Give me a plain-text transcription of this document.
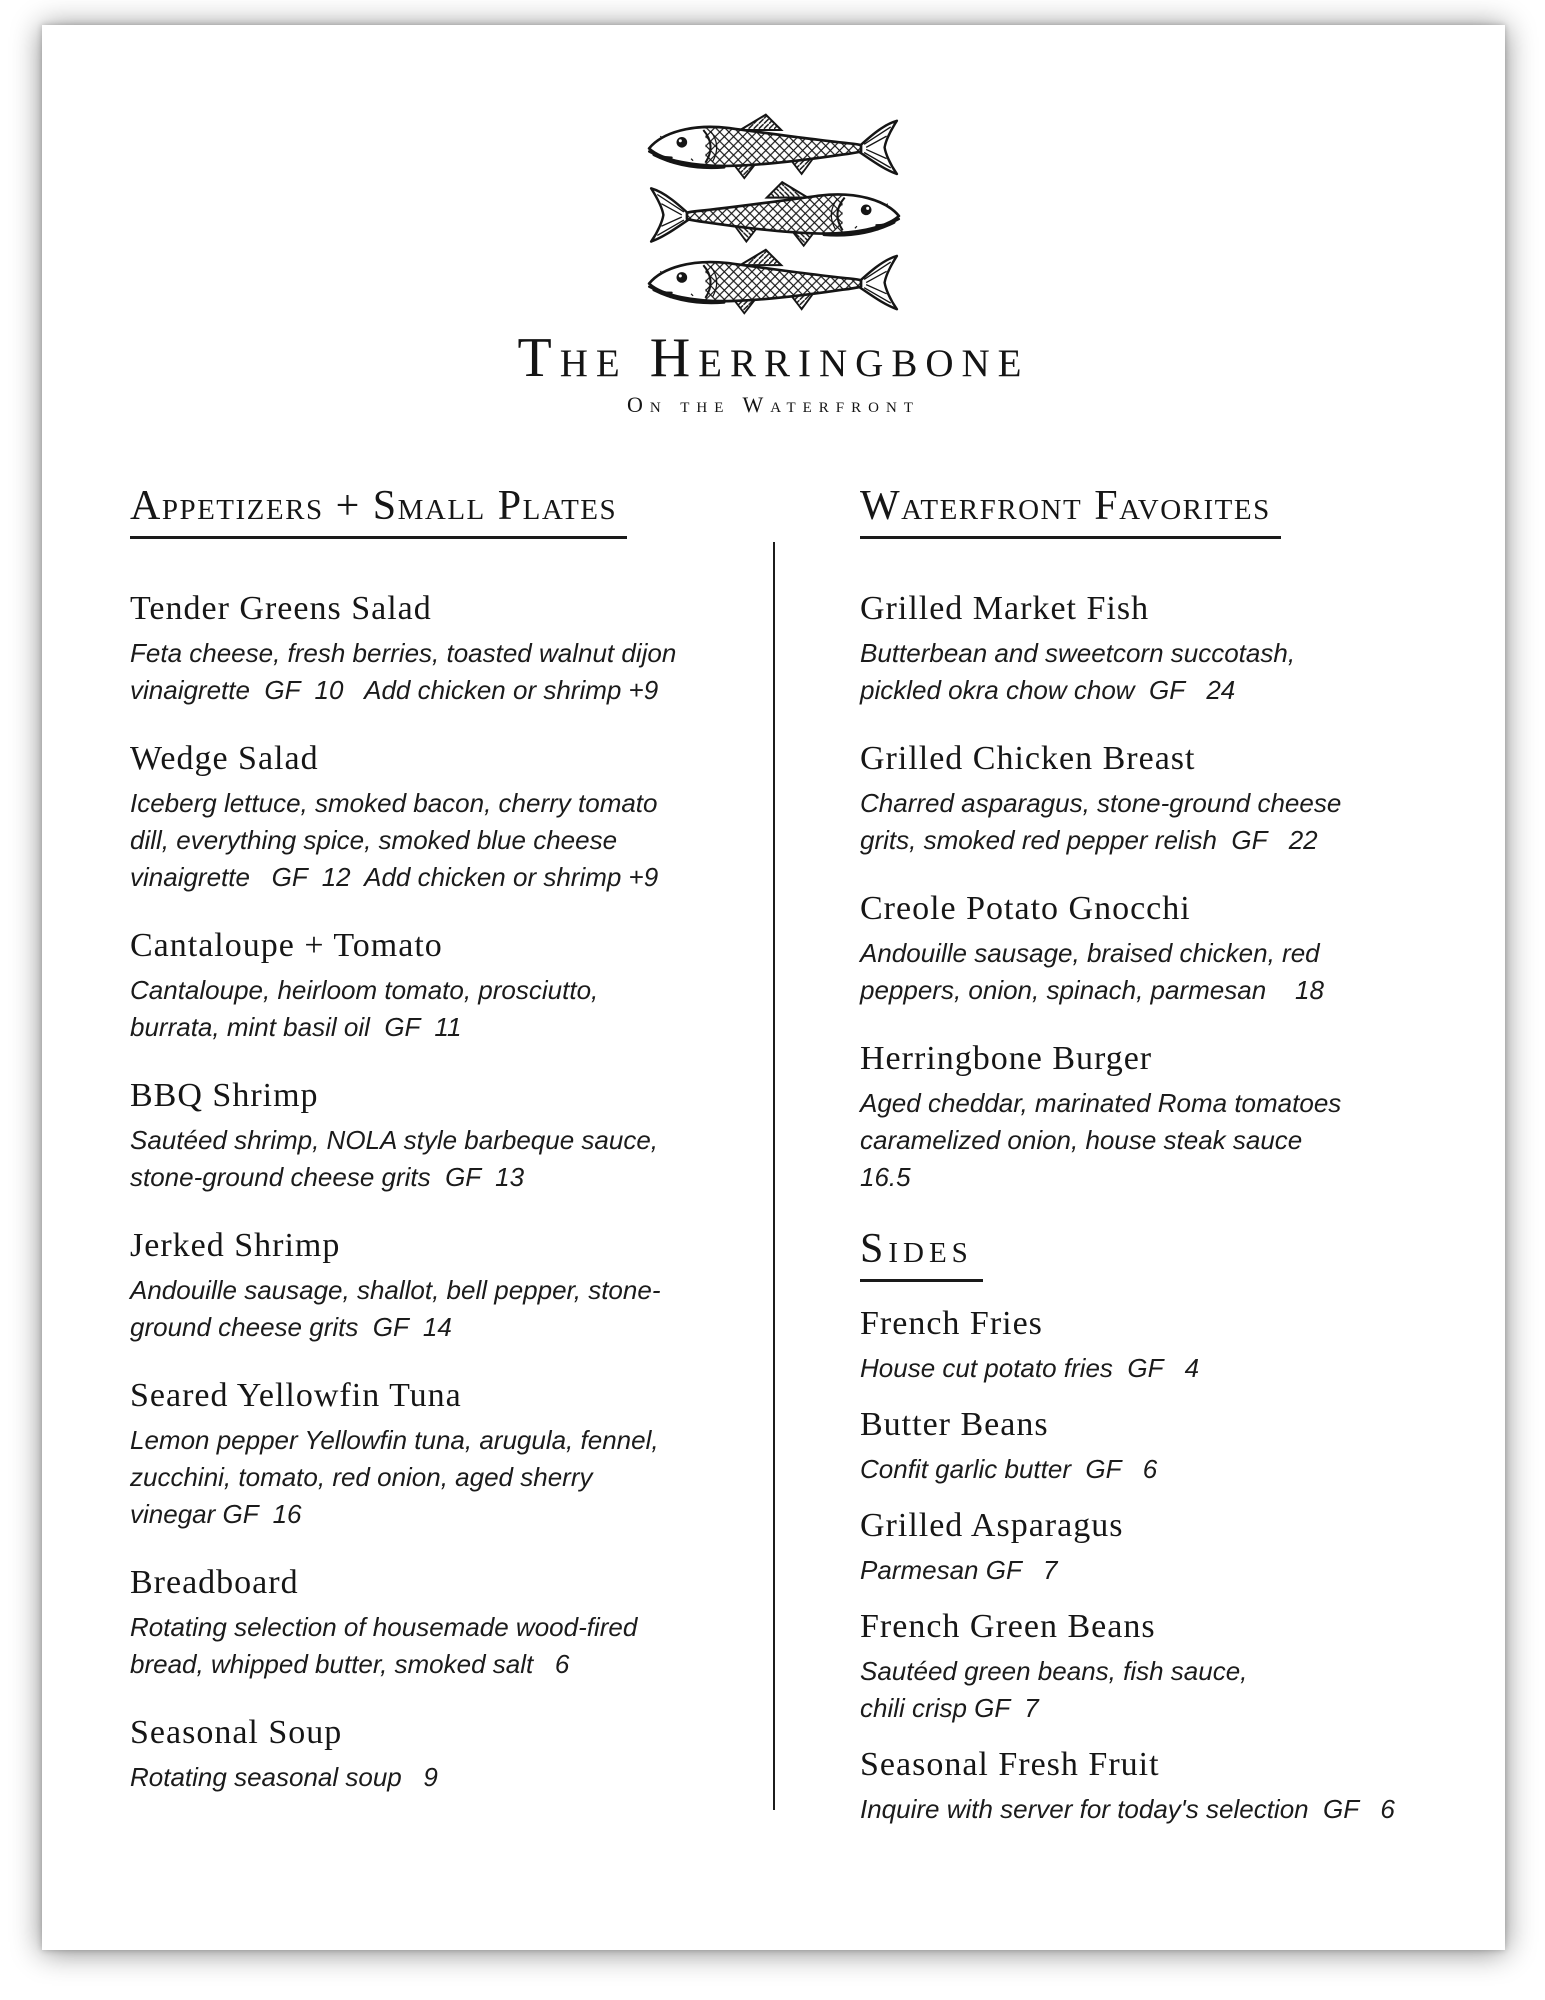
The Herringbone
On the Waterfront
Appetizers + Small Plates
Tender Greens Salad
Feta cheese, fresh berries, toasted walnut dijon
vinaigrette  GF  10   Add chicken or shrimp +9
Wedge Salad
Iceberg lettuce, smoked bacon, cherry tomato
dill, everything spice, smoked blue cheese
vinaigrette   GF  12  Add chicken or shrimp +9
Cantaloupe + Tomato
Cantaloupe, heirloom tomato, prosciutto,
burrata, mint basil oil  GF  11
BBQ Shrimp
Sautéed shrimp, NOLA style barbeque sauce,
stone-ground cheese grits  GF  13
Jerked Shrimp
Andouille sausage, shallot, bell pepper, stone-
ground cheese grits  GF  14
Seared Yellowfin Tuna
Lemon pepper Yellowfin tuna, arugula, fennel,
zucchini, tomato, red onion, aged sherry
vinegar GF  16
Breadboard
Rotating selection of housemade wood-fired
bread, whipped butter, smoked salt   6
Seasonal Soup
Rotating seasonal soup   9
Waterfront Favorites
Grilled Market Fish
Butterbean and sweetcorn succotash,
pickled okra chow chow  GF   24
Grilled Chicken Breast
Charred asparagus, stone-ground cheese
grits, smoked red pepper relish  GF   22
Creole Potato Gnocchi
Andouille sausage, braised chicken, red
peppers, onion, spinach, parmesan    18
Herringbone Burger
Aged cheddar, marinated Roma tomatoes
caramelized onion, house steak sauce
16.5
Sides
French Fries
House cut potato fries  GF   4
Butter Beans
Confit garlic butter  GF   6
Grilled Asparagus
Parmesan GF   7
French Green Beans
Sautéed green beans, fish sauce,
chili crisp GF  7
Seasonal Fresh Fruit
Inquire with server for today's selection  GF   6
